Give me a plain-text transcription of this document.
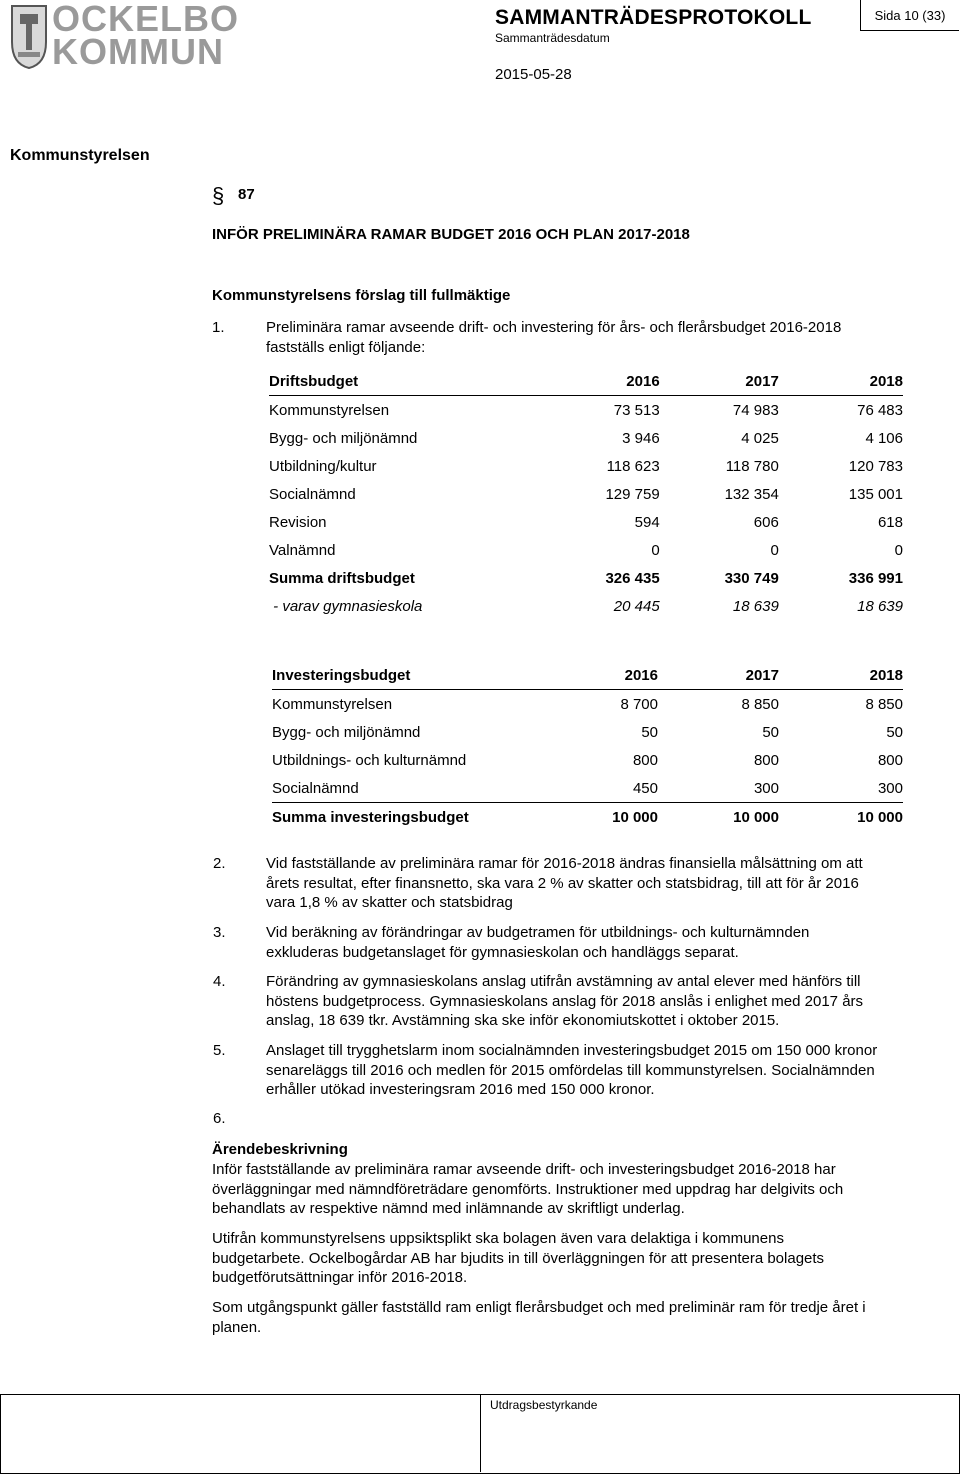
OCKELBO
KOMMUN
SAMMANTRÄDESPROTOKOLL
Sammanträdesdatum
2015-05-28
Sida 10 (33)
Kommunstyrelsen
§ 87
INFÖR PRELIMINÄRA RAMAR BUDGET 2016 OCH PLAN 2017-2018
Kommunstyrelsens förslag till fullmäktige
1.	Preliminära ramar avseende drift- och investering för års- och flerårsbudget 2016-2018
fastställs enligt följande:
Driftsbudget	2016	2017	2018
Kommunstyrelsen	73 513	74 983	76 483
Bygg- och miljönämnd	3 946	4 025	4 106
Utbildning/kultur	118 623	118 780	120 783
Socialnämnd	129 759	132 354	135 001
Revision	594	606	618
Valnämnd	0	0	0
Summa driftsbudget	326 435	330 749	336 991
- varav gymnasieskola	20 445	18 639	18 639
Investeringsbudget	2016	2017	2018
Kommunstyrelsen	8 700	8 850	8 850
Bygg- och miljönämnd	50	50	50
Utbildnings- och kulturnämnd	800	800	800
Socialnämnd	450	300	300
Summa investeringsbudget	10 000	10 000	10 000
2.	Vid fastställande av preliminära ramar för 2016-2018 ändras finansiella målsättning om att
årets resultat, efter finansnetto, ska vara 2 % av skatter och statsbidrag, till att för år 2016
vara 1,8 % av skatter och statsbidrag
3.	Vid beräkning av förändringar av budgetramen för utbildnings- och kulturnämnden
exkluderas budgetanslaget för gymnasieskolan och handläggs separat.
4.	Förändring av gymnasieskolans anslag utifrån avstämning av antal elever med hänförs till
höstens budgetprocess. Gymnasieskolans anslag för 2018 anslås i enlighet med 2017 års
anslag, 18 639 tkr. Avstämning ska ske inför ekonomiutskottet i oktober 2015.
5.	Anslaget till trygghetslarm inom socialnämnden investeringsbudget 2015 om 150 000 kronor
senareläggs till 2016 och medlen för 2015 omfördelas till kommunstyrelsen. Socialnämnden
erhåller utökad investeringsram 2016 med 150 000 kronor.
6.
Ärendebeskrivning
Inför fastställande av preliminära ramar avseende drift- och investeringsbudget 2016-2018 har
överläggningar med nämndföreträdare genomförts. Instruktioner med uppdrag har delgivits och
behandlats av respektive nämnd med inlämnande av skriftligt underlag.
Utifrån kommunstyrelsens uppsiktsplikt ska bolagen även vara delaktiga i kommunens
budgetarbete. Ockelbogårdar AB har bjudits in till överläggningen för att presentera bolagets
budgetförutsättningar inför 2016-2018.
Som utgångspunkt gäller fastställd ram enligt flerårsbudget och med preliminär ram för tredje året i
planen.
Utdragsbestyrkande
